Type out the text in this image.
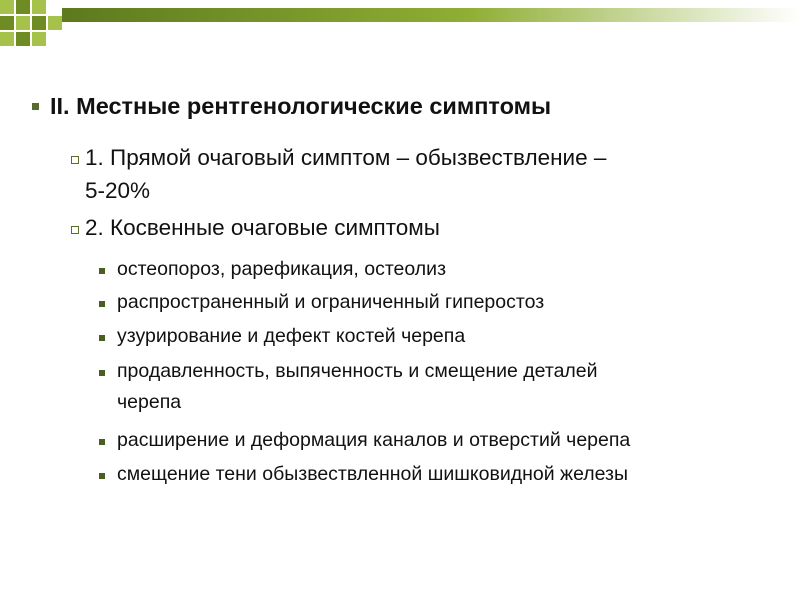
II. Местные рентгенологические симптомы
1. Прямой очаговый симптом – обызвествление –
5-20%
2. Косвенные очаговые симптомы
остеопороз, рарефикация, остеолиз
распространенный и ограниченный гиперостоз
узурирование и дефект костей черепа
продавленность, выпяченность и смещение деталей
черепа
расширение и деформация каналов и отверстий черепа
смещение тени обызвествленной шишковидной железы
